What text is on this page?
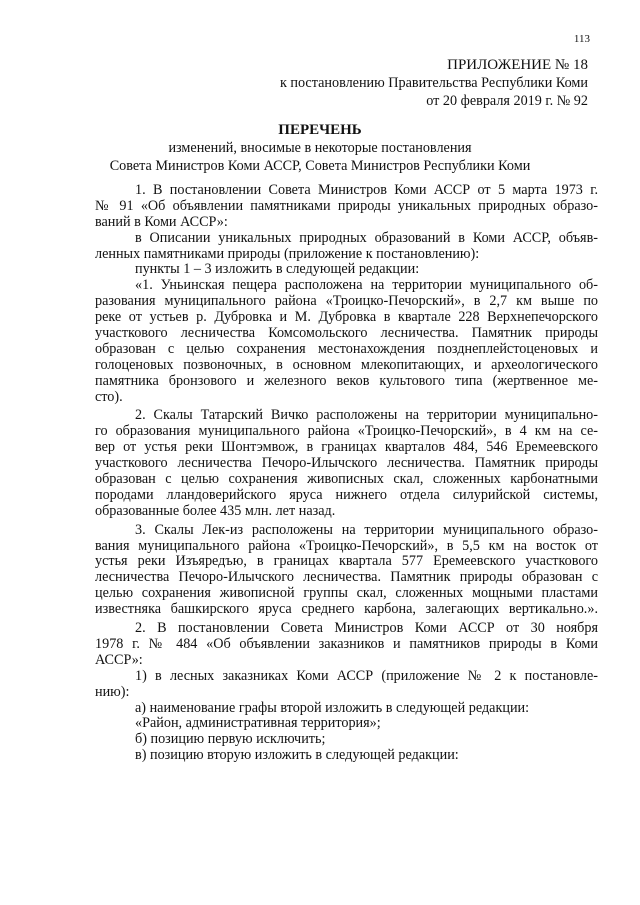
113
ПРИЛОЖЕНИЕ № 18
к постановлению Правительства Республики Коми
от 20 февраля 2019 г. № 92
ПЕРЕЧЕНЬ
изменений, вносимые в некоторые постановления
Совета Министров Коми АССР, Совета Министров Республики Коми
1. В постановлении Совета Министров Коми АССР от 5 марта 1973 г.
№ 91 «Об объявлении памятниками природы уникальных природных образо-
ваний в Коми АССР»:
в Описании уникальных природных образований в Коми АССР, объяв-
ленных памятниками природы (приложение к постановлению):
пункты 1 – 3 изложить в следующей редакции:
«1. Уньинская пещера расположена на территории муниципального об-
разования муниципального района «Троицко-Печорский», в 2,7 км выше по
реке от устьев р. Дубровка и М. Дубровка в квартале 228 Верхнепечорского
участкового лесничества Комсомольского лесничества. Памятник природы
образован с целью сохранения местонахождения позднеплейстоценовых и
голоценовых позвоночных, в основном млекопитающих, и археологического
памятника бронзового и железного веков культового типа (жертвенное ме-
сто).
2. Скалы Татарский Вичко расположены на территории муниципально-
го образования муниципального района «Троицко-Печорский», в 4 км на се-
вер от устья реки Шонтэмвож, в границах кварталов 484, 546 Еремеевского
участкового лесничества Печоро-Илычского лесничества. Памятник природы
образован с целью сохранения живописных скал, сложенных карбонатными
породами лландоверийского яруса нижнего отдела силурийской системы,
образованные более 435 млн. лет назад.
3. Скалы Лек-из расположены на территории муниципального образо-
вания муниципального района «Троицко-Печорский», в 5,5 км на восток от
устья реки Изъяредъю, в границах квартала 577 Еремеевского участкового
лесничества Печоро-Илычского лесничества. Памятник природы образован с
целью сохранения живописной группы скал, сложенных мощными пластами
известняка башкирского яруса среднего карбона, залегающих вертикально.».
2. В постановлении Совета Министров Коми АССР от 30 ноября
1978 г. № 484 «Об объявлении заказников и памятников природы в Коми
АССР»:
1) в лесных заказниках Коми АССР (приложение № 2 к постановле-
нию):
а) наименование графы второй изложить в следующей редакции:
«Район, административная территория»;
б) позицию первую исключить;
в) позицию вторую изложить в следующей редакции:
